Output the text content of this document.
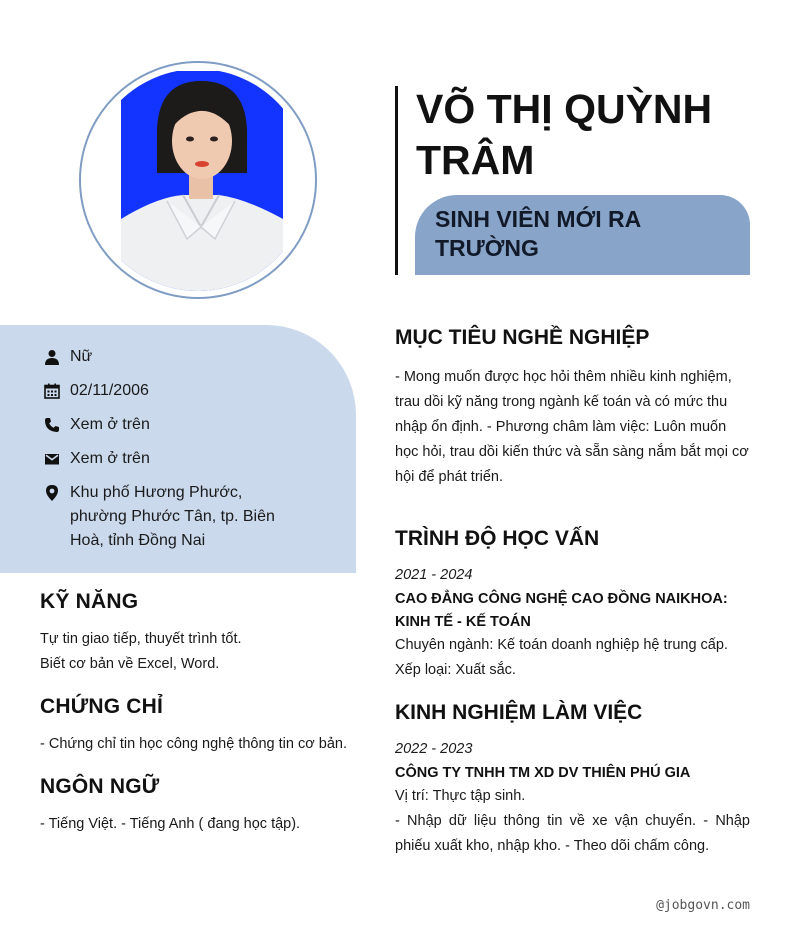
Nữ
02/11/2006
Xem ở trên
Xem ở trên
Khu phố Hương Phước, phường Phước Tân, tp. Biên Hoà, tỉnh Đồng Nai
KỸ NĂNG
Tự tin giao tiếp, thuyết trình tốt.
Biết cơ bản về Excel, Word.
CHỨNG CHỈ
- Chứng chỉ tin học công nghệ thông tin cơ bản.
NGÔN NGỮ
- Tiếng Việt. - Tiếng Anh ( đang học tập).
VÕ THỊ QUỲNH TRÂM
SINH VIÊN MỚI RA TRƯỜNG
MỤC TIÊU NGHỀ NGHIỆP
- Mong muốn được học hỏi thêm nhiều kinh nghiệm, trau dồi kỹ năng trong ngành kế toán và có mức thu nhập ổn định. - Phương châm làm việc: Luôn muốn học hỏi, trau dồi kiến thức và sẵn sàng nắm bắt mọi cơ hội để phát triển.
TRÌNH ĐỘ HỌC VẤN
2021 - 2024
CAO ĐẲNG CÔNG NGHỆ CAO ĐỒNG NAIKHOA: KINH TẾ - KẾ TOÁN
Chuyên ngành: Kế toán doanh nghiệp hệ trung cấp.
Xếp loại: Xuất sắc.
KINH NGHIỆM LÀM VIỆC
2022 - 2023
CÔNG TY TNHH TM XD DV THIÊN PHÚ GIA
Vị trí: Thực tập sinh.
- Nhập dữ liệu thông tin về xe vận chuyển. - Nhập phiếu xuất kho, nhập kho. - Theo dõi chấm công.
@jobgovn.com
